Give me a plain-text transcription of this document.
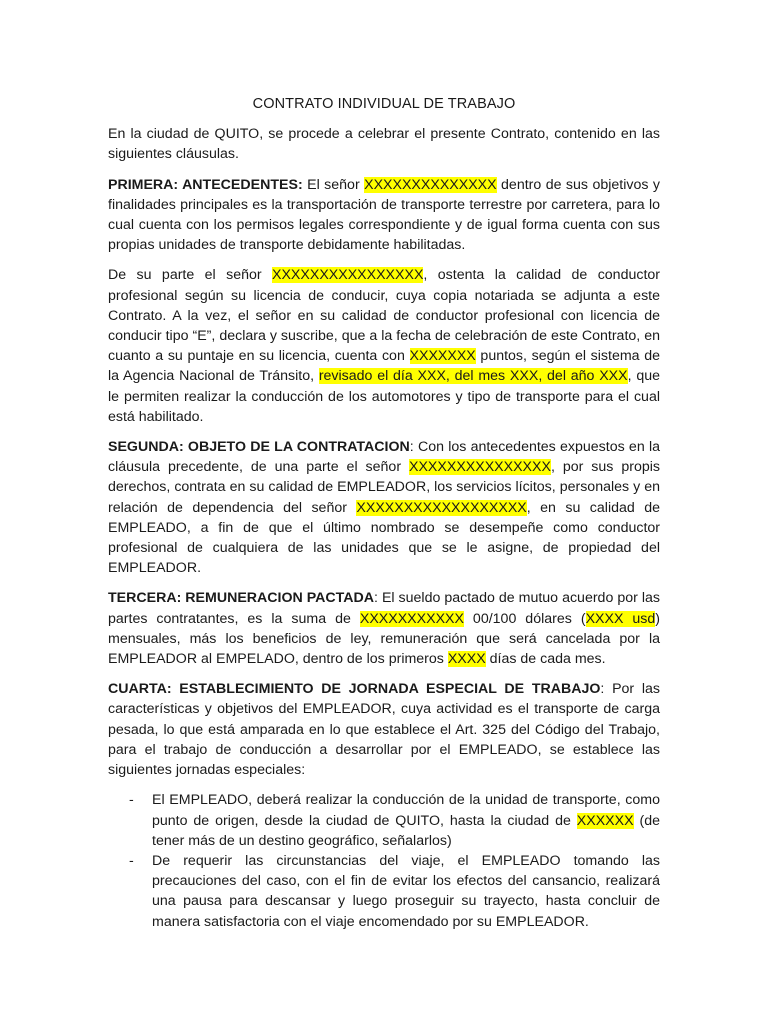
CONTRATO INDIVIDUAL DE TRABAJO

En la ciudad de QUITO, se procede a celebrar el presente Contrato, contenido en las siguientes cláusulas.

PRIMERA: ANTECEDENTES: El señor XXXXXXXXXXXXXX dentro de sus objetivos y finalidades principales es la transportación de transporte terrestre por carretera, para lo cual cuenta con los permisos legales correspondiente y de igual forma cuenta con sus propias unidades de transporte debidamente habilitadas.

De su parte el señor XXXXXXXXXXXXXXXX, ostenta la calidad de conductor profesional según su licencia de conducir, cuya copia notariada se adjunta a este Contrato. A la vez, el señor en su calidad de conductor profesional con licencia de conducir tipo “E”, declara y suscribe, que a la fecha de celebración de este Contrato, en cuanto a su puntaje en su licencia, cuenta con XXXXXXX puntos, según el sistema de la Agencia Nacional de Tránsito, revisado el día XXX, del mes XXX, del año XXX, que le permiten realizar la conducción de los automotores y tipo de transporte para el cual está habilitado.

SEGUNDA: OBJETO DE LA CONTRATACION: Con los antecedentes expuestos en la cláusula precedente, de una parte el señor XXXXXXXXXXXXXXX, por sus propis derechos, contrata en su calidad de EMPLEADOR, los servicios lícitos, personales y en relación de dependencia del señor XXXXXXXXXXXXXXXXXX, en su calidad de EMPLEADO, a fin de que el último nombrado se desempeñe como conductor profesional de cualquiera de las unidades que se le asigne, de propiedad del EMPLEADOR.

TERCERA: REMUNERACION PACTADA: El sueldo pactado de mutuo acuerdo por las partes contratantes, es la suma de XXXXXXXXXXX 00/100 dólares (XXXX usd) mensuales, más los beneficios de ley, remuneración que será cancelada por la EMPLEADOR al EMPELADO, dentro de los primeros XXXX días de cada mes.

CUARTA: ESTABLECIMIENTO DE JORNADA ESPECIAL DE TRABAJO: Por las características y objetivos del EMPLEADOR, cuya actividad es el transporte de carga pesada, lo que está amparada en lo que establece el Art. 325 del Código del Trabajo, para el trabajo de conducción a desarrollar por el EMPLEADO, se establece las siguientes jornadas especiales:

- El EMPLEADO, deberá realizar la conducción de la unidad de transporte, como punto de origen, desde la ciudad de QUITO, hasta la ciudad de XXXXXX (de tener más de un destino geográfico, señalarlos)
- De requerir las circunstancias del viaje, el EMPLEADO tomando las precauciones del caso, con el fin de evitar los efectos del cansancio, realizará una pausa para descansar y luego proseguir su trayecto, hasta concluir de manera satisfactoria con el viaje encomendado por su EMPLEADOR.
